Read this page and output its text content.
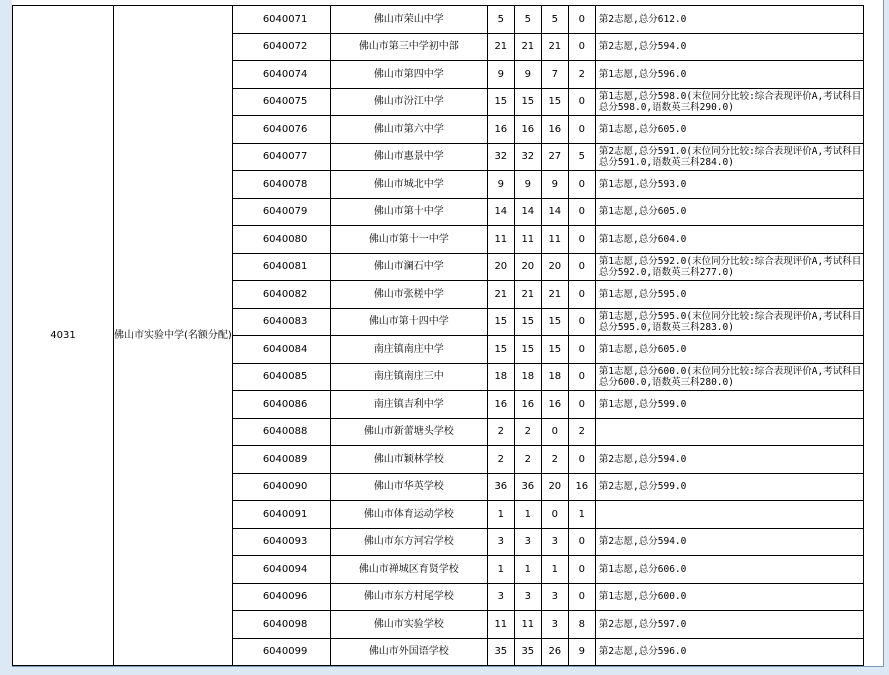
4031	佛山市实验中学(名额分配)	6040071	佛山市荣山中学	5	5	5	0	第2志愿,总分612.0
		6040072	佛山市第三中学初中部	21	21	21	0	第2志愿,总分594.0
		6040074	佛山市第四中学	9	9	7	2	第1志愿,总分596.0
		6040075	佛山市汾江中学	15	15	15	0	第1志愿,总分598.0(末位同分比较:综合表现评价A,考试科目总分598.0,语数英三科290.0)
		6040076	佛山市第六中学	16	16	16	0	第1志愿,总分605.0
		6040077	佛山市惠景中学	32	32	27	5	第2志愿,总分591.0(末位同分比较:综合表现评价A,考试科目总分591.0,语数英三科284.0)
		6040078	佛山市城北中学	9	9	9	0	第1志愿,总分593.0
		6040079	佛山市第十中学	14	14	14	0	第1志愿,总分605.0
		6040080	佛山市第十一中学	11	11	11	0	第1志愿,总分604.0
		6040081	佛山市澜石中学	20	20	20	0	第1志愿,总分592.0(末位同分比较:综合表现评价A,考试科目总分592.0,语数英三科277.0)
		6040082	佛山市张槎中学	21	21	21	0	第1志愿,总分595.0
		6040083	佛山市第十四中学	15	15	15	0	第1志愿,总分595.0(末位同分比较:综合表现评价A,考试科目总分595.0,语数英三科283.0)
		6040084	南庄镇南庄中学	15	15	15	0	第1志愿,总分605.0
		6040085	南庄镇南庄三中	18	18	18	0	第1志愿,总分600.0(末位同分比较:综合表现评价A,考试科目总分600.0,语数英三科280.0)
		6040086	南庄镇吉利中学	16	16	16	0	第1志愿,总分599.0
		6040088	佛山市新蕾塘头学校	2	2	0	2	
		6040089	佛山市颖林学校	2	2	2	0	第2志愿,总分594.0
		6040090	佛山市华英学校	36	36	20	16	第2志愿,总分599.0
		6040091	佛山市体育运动学校	1	1	0	1	
		6040093	佛山市东方河宕学校	3	3	3	0	第2志愿,总分594.0
		6040094	佛山市禅城区育贤学校	1	1	1	0	第1志愿,总分606.0
		6040096	佛山市东方村尾学校	3	3	3	0	第1志愿,总分600.0
		6040098	佛山市实验学校	11	11	3	8	第2志愿,总分597.0
		6040099	佛山市外国语学校	35	35	26	9	第2志愿,总分596.0
